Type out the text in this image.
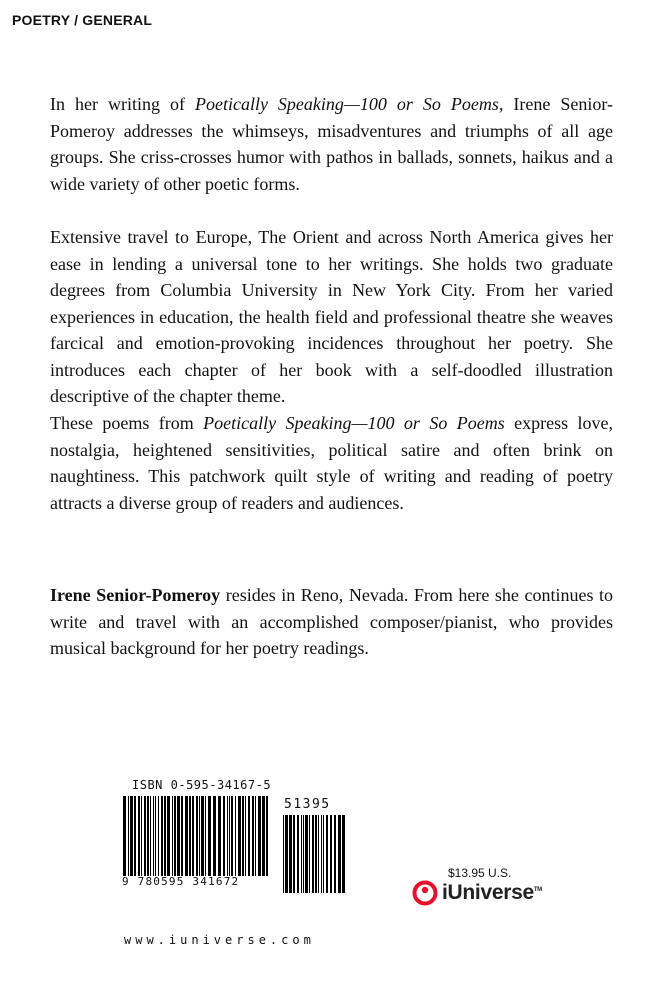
POETRY / GENERAL

In her writing of Poetically Speaking—100 or So Poems, Irene Senior-Pomeroy addresses the whimseys, misadventures and triumphs of all age groups. She criss-crosses humor with pathos in ballads, sonnets, haikus and a wide variety of other poetic forms.

Extensive travel to Europe, The Orient and across North America gives her ease in lending a universal tone to her writings. She holds two graduate degrees from Columbia University in New York City. From her varied experiences in education, the health field and professional theatre she weaves farcical and emotion-provoking incidences throughout her poetry. She introduces each chapter of her book with a self-doodled illustration descriptive of the chapter theme.

These poems from Poetically Speaking—100 or So Poems express love, nostalgia, heightened sensitivities, political satire and often brink on naughtiness. This patchwork quilt style of writing and reading of poetry attracts a diverse group of readers and audiences.

Irene Senior-Pomeroy resides in Reno, Nevada. From here she continues to write and travel with an accomplished composer/pianist, who provides musical background for her poetry readings.

ISBN 0-595-34167-5
9 780595 341672
51395
www.iuniverse.com
$13.95 U.S.
iUniverse™
